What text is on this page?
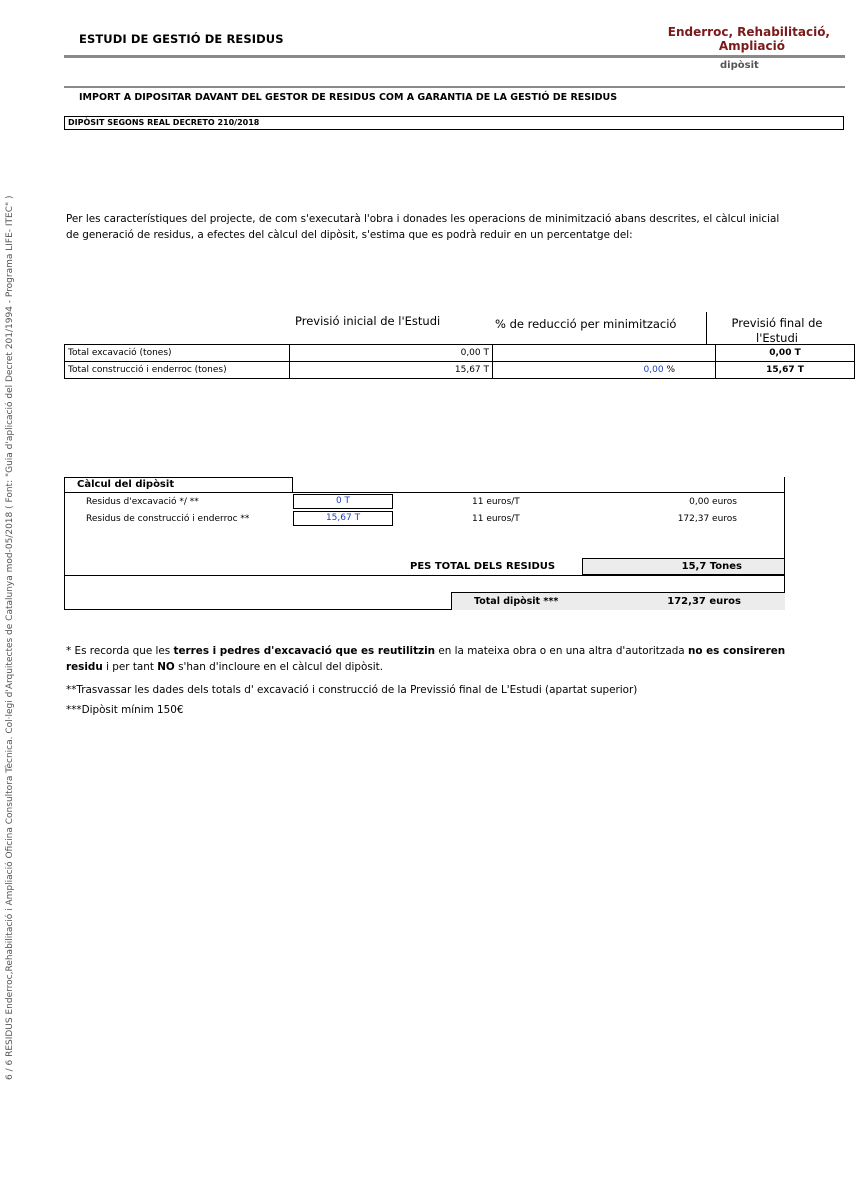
6 / 6 RESIDUS Enderroc,Rehabilitació i Ampliació Oficina Consultora Tècnica. Col·legi d'Arquitectes de Catalunya mod-05/2018 ( Font: "Guia d'aplicació del Decret 201/1994 - Programa LIFE- ITEC" )
ESTUDI DE GESTIÓ DE RESIDUS	Enderroc, Rehabilitació,
Ampliació
dipòsit
IMPORT A DIPOSITAR DAVANT DEL GESTOR DE RESIDUS COM A GARANTIA DE LA GESTIÓ DE RESIDUS
DIPÒSIT SEGONS REAL DECRETO 210/2018
Per les característiques del projecte, de com s'executarà l'obra i donades les operacions de minimització abans descrites, el càlcul inicial de generació de residus, a efectes del càlcul del dipòsit, s'estima que es podrà reduir en un percentatge del:
Previsió inicial de l'Estudi	% de reducció per minimització	Previsió final de l'Estudi
Total excavació (tones)	0,00 T		0,00 T
Total construcció i enderroc (tones)	15,67 T	0,00 %	15,67 T
Càlcul del dipòsit
Residus d'excavació */ **	0 T	11 euros/T	0,00 euros
Residus de construcció i enderroc **	15,67 T	11 euros/T	172,37 euros
PES TOTAL DELS RESIDUS	15,7 Tones
Total dipòsit ***	172,37 euros

* Es recorda que les terres i pedres d'excavació que es reutilitzin en la mateixa obra o en una altra d'autoritzada no es consireren residu i per tant NO s'han d'incloure en el càlcul del dipòsit.

**Trasvassar les dades dels totals d' excavació i construcció de la Previssió final de L'Estudi (apartat superior)

***Dipòsit mínim 150€
